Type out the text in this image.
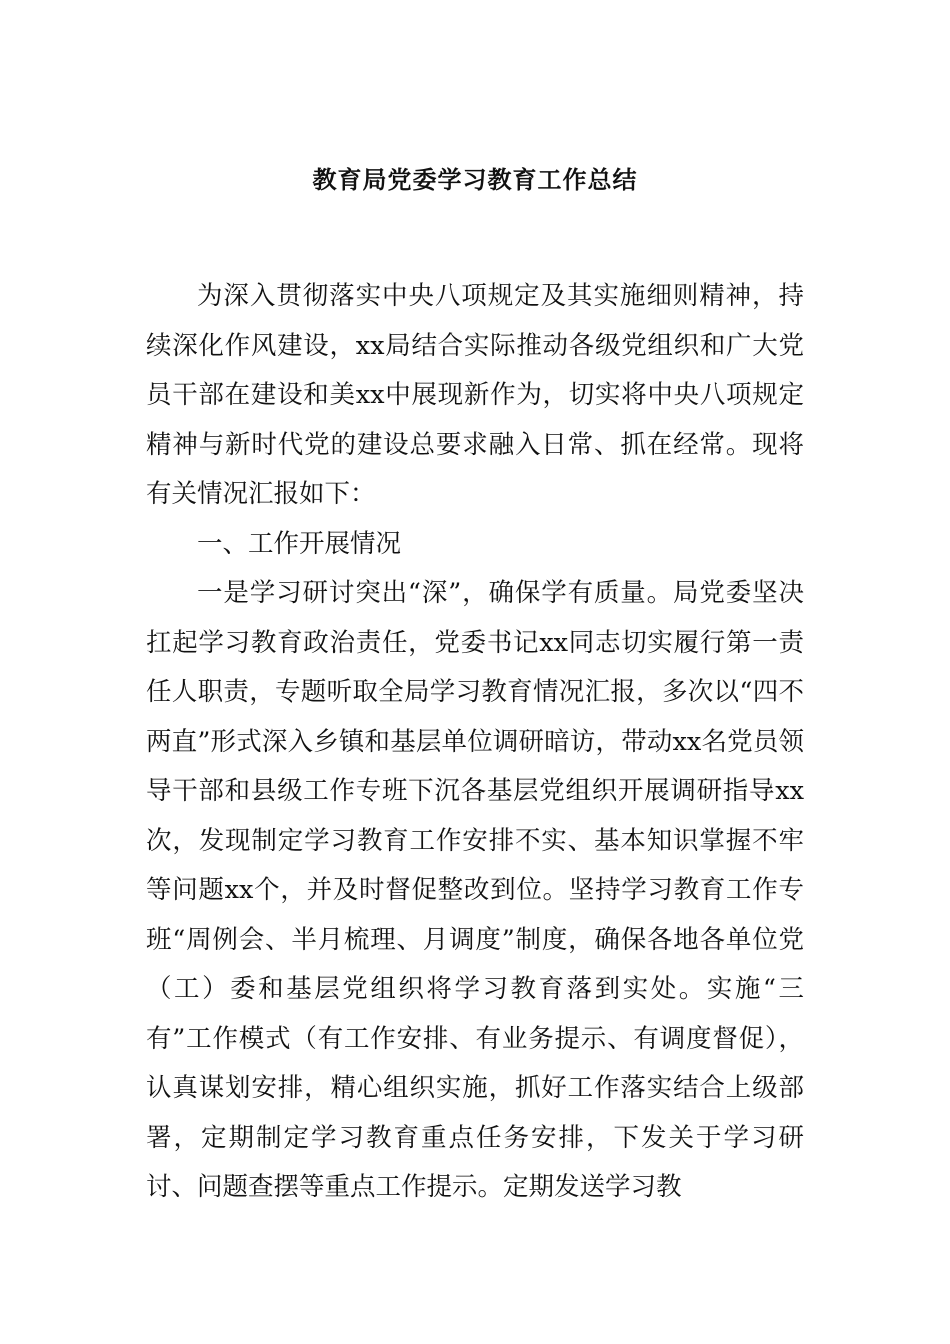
教育局党委学习教育工作总结

为深入贯彻落实中央八项规定及其实施细则精神，持续深化作风建设，xx局结合实际推动各级党组织和广大党员干部在建设和美xx中展现新作为，切实将中央八项规定精神与新时代党的建设总要求融入日常、抓在经常。现将有关情况汇报如下：

一、工作开展情况

一是学习研讨突出“深”，确保学有质量。局党委坚决扛起学习教育政治责任，党委书记xx同志切实履行第一责任人职责，专题听取全局学习教育情况汇报，多次以“四不两直”形式深入乡镇和基层单位调研暗访，带动xx名党员领导干部和县级工作专班下沉各基层党组织开展调研指导xx次，发现制定学习教育工作安排不实、基本知识掌握不牢等问题xx个，并及时督促整改到位。坚持学习教育工作专班“周例会、半月梳理、月调度”制度，确保各地各单位党（工）委和基层党组织将学习教育落到实处。实施“三有”工作模式（有工作安排、有业务提示、有调度督促），认真谋划安排，精心组织实施，抓好工作落实结合上级部署，定期制定学习教育重点任务安排，下发关于学习研讨、问题查摆等重点工作提示。定期发送学习教
